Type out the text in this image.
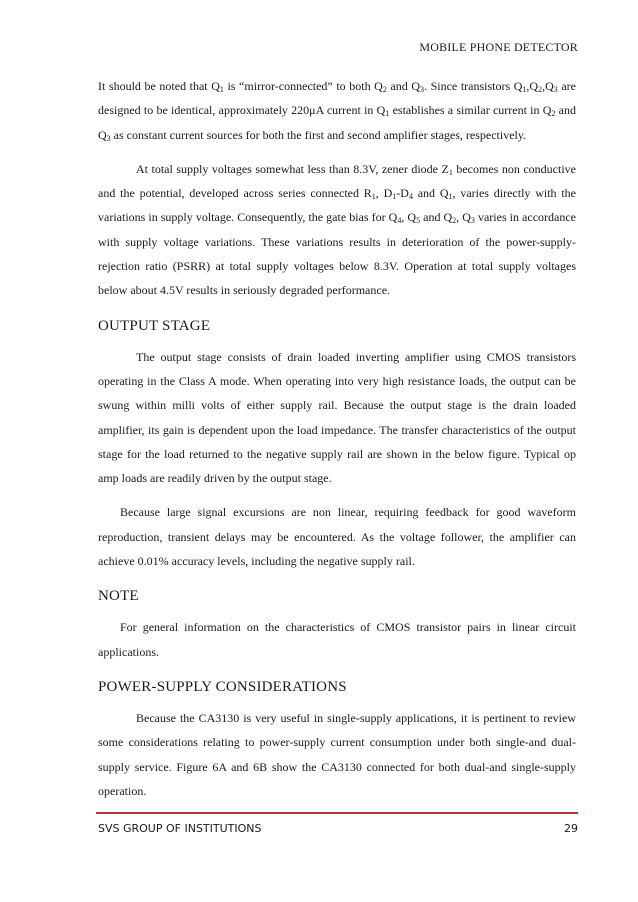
MOBILE PHONE DETECTOR

It should be noted that $Q_1$ is “mirror-connected” to both $Q_2$ and $Q_3$. Since transistors $Q_1,Q_2,Q_3$ are designed to be identical, approximately 220μA current in $Q_1$ establishes a similar current in $Q_2$ and $Q_3$ as constant current sources for both the first and second amplifier stages, respectively.

At total supply voltages somewhat less than 8.3V, zener diode $Z_1$ becomes non conductive and the potential, developed across series connected $R_1$, $D_1-D_4$ and $Q_1$, varies directly with the variations in supply voltage. Consequently, the gate bias for $Q_4$, $Q_5$ and $Q_2$, $Q_3$ varies in accordance with supply voltage variations. These variations results in deterioration of the power-supply-rejection ratio (PSRR) at total supply voltages below 8.3V. Operation at total supply voltages below about 4.5V results in seriously degraded performance.

OUTPUT STAGE

The output stage consists of drain loaded inverting amplifier using CMOS transistors operating in the Class A mode. When operating into very high resistance loads, the output can be swung within milli volts of either supply rail. Because the output stage is the drain loaded amplifier, its gain is dependent upon the load impedance. The transfer characteristics of the output stage for the load returned to the negative supply rail are shown in the below figure. Typical op amp loads are readily driven by the output stage.

Because large signal excursions are non linear, requiring feedback for good waveform reproduction, transient delays may be encountered. As the voltage follower, the amplifier can achieve 0.01% accuracy levels, including the negative supply rail.

NOTE

For general information on the characteristics of CMOS transistor pairs in linear circuit applications.

POWER-SUPPLY CONSIDERATIONS

Because the CA3130 is very useful in single-supply applications, it is pertinent to review some considerations relating to power-supply current consumption under both single-and dual-supply service. Figure 6A and 6B show the CA3130 connected for both dual-and single-supply operation.

SVS GROUP OF INSTITUTIONS	29
